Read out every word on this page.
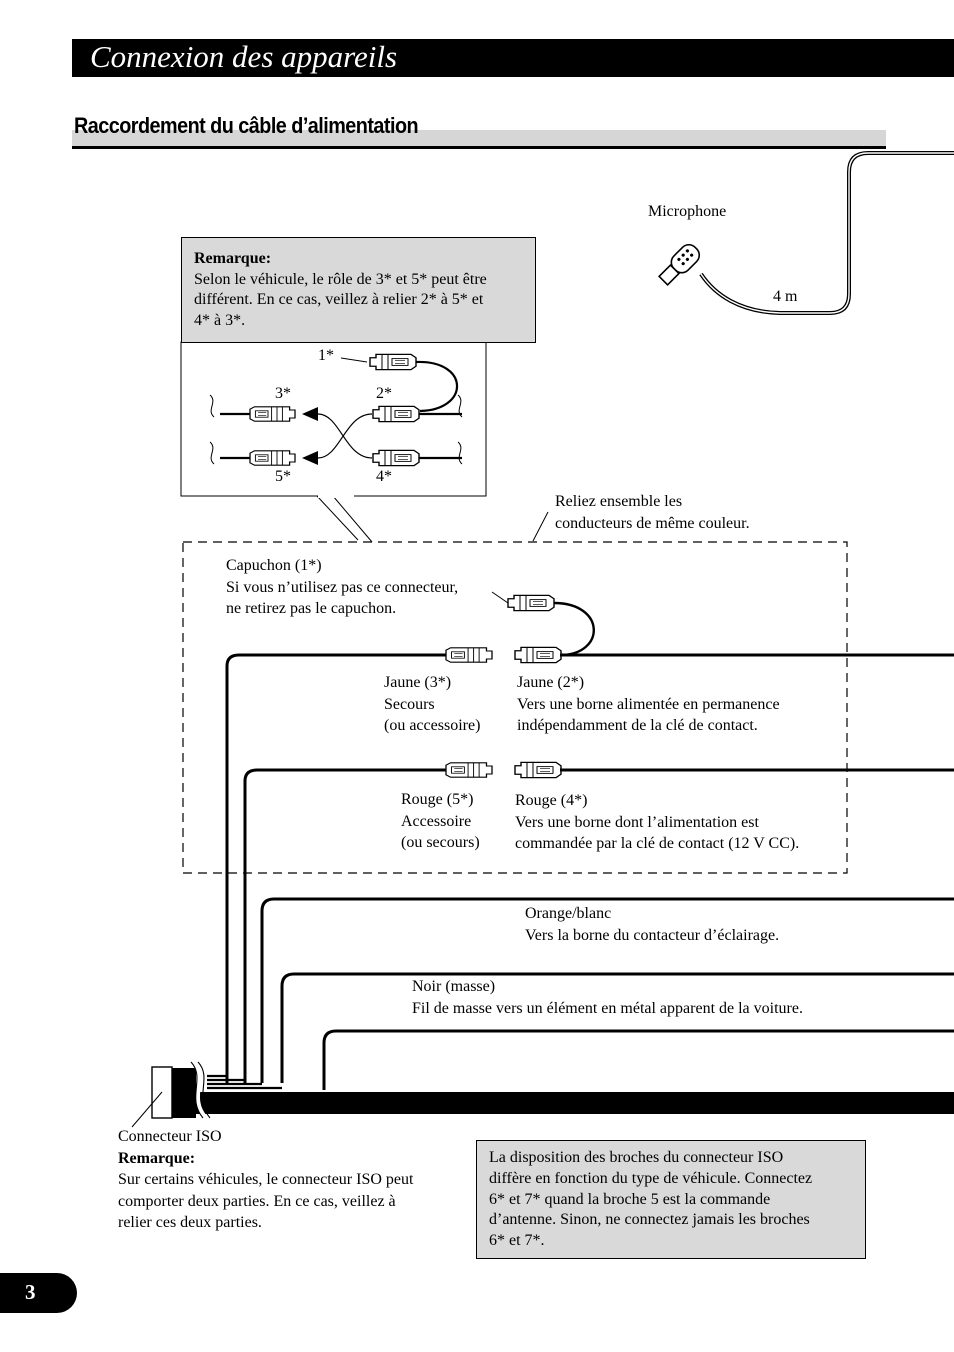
Connexion des appareils
Raccordement du câble d’alimentation
Microphone
4 m
Remarque:
Selon le véhicule, le rôle de 3* et 5* peut être
différent. En ce cas, veillez à relier 2* à 5* et
4* à 3*.
1*
2*
3*
4*
5*
Reliez ensemble les
conducteurs de même couleur.
Capuchon (1*)
Si vous n’utilisez pas ce connecteur,
ne retirez pas le capuchon.
Jaune (3*)
Secours
(ou accessoire)
Jaune (2*)
Vers une borne alimentée en permanence
indépendamment de la clé de contact.
Rouge (5*)
Accessoire
(ou secours)
Rouge (4*)
Vers une borne dont l’alimentation est
commandée par la clé de contact (12 V CC).
Orange/blanc
Vers la borne du contacteur d’éclairage.
Noir (masse)
Fil de masse vers un élément en métal apparent de la voiture.
Connecteur ISO
Remarque:
Sur certains véhicules, le connecteur ISO peut
comporter deux parties. En ce cas, veillez à
relier ces deux parties.
La disposition des broches du connecteur ISO
diffère en fonction du type de véhicule. Connectez
6* et 7* quand la broche 5 est la commande
d’antenne. Sinon, ne connectez jamais les broches
6* et 7*.
3
